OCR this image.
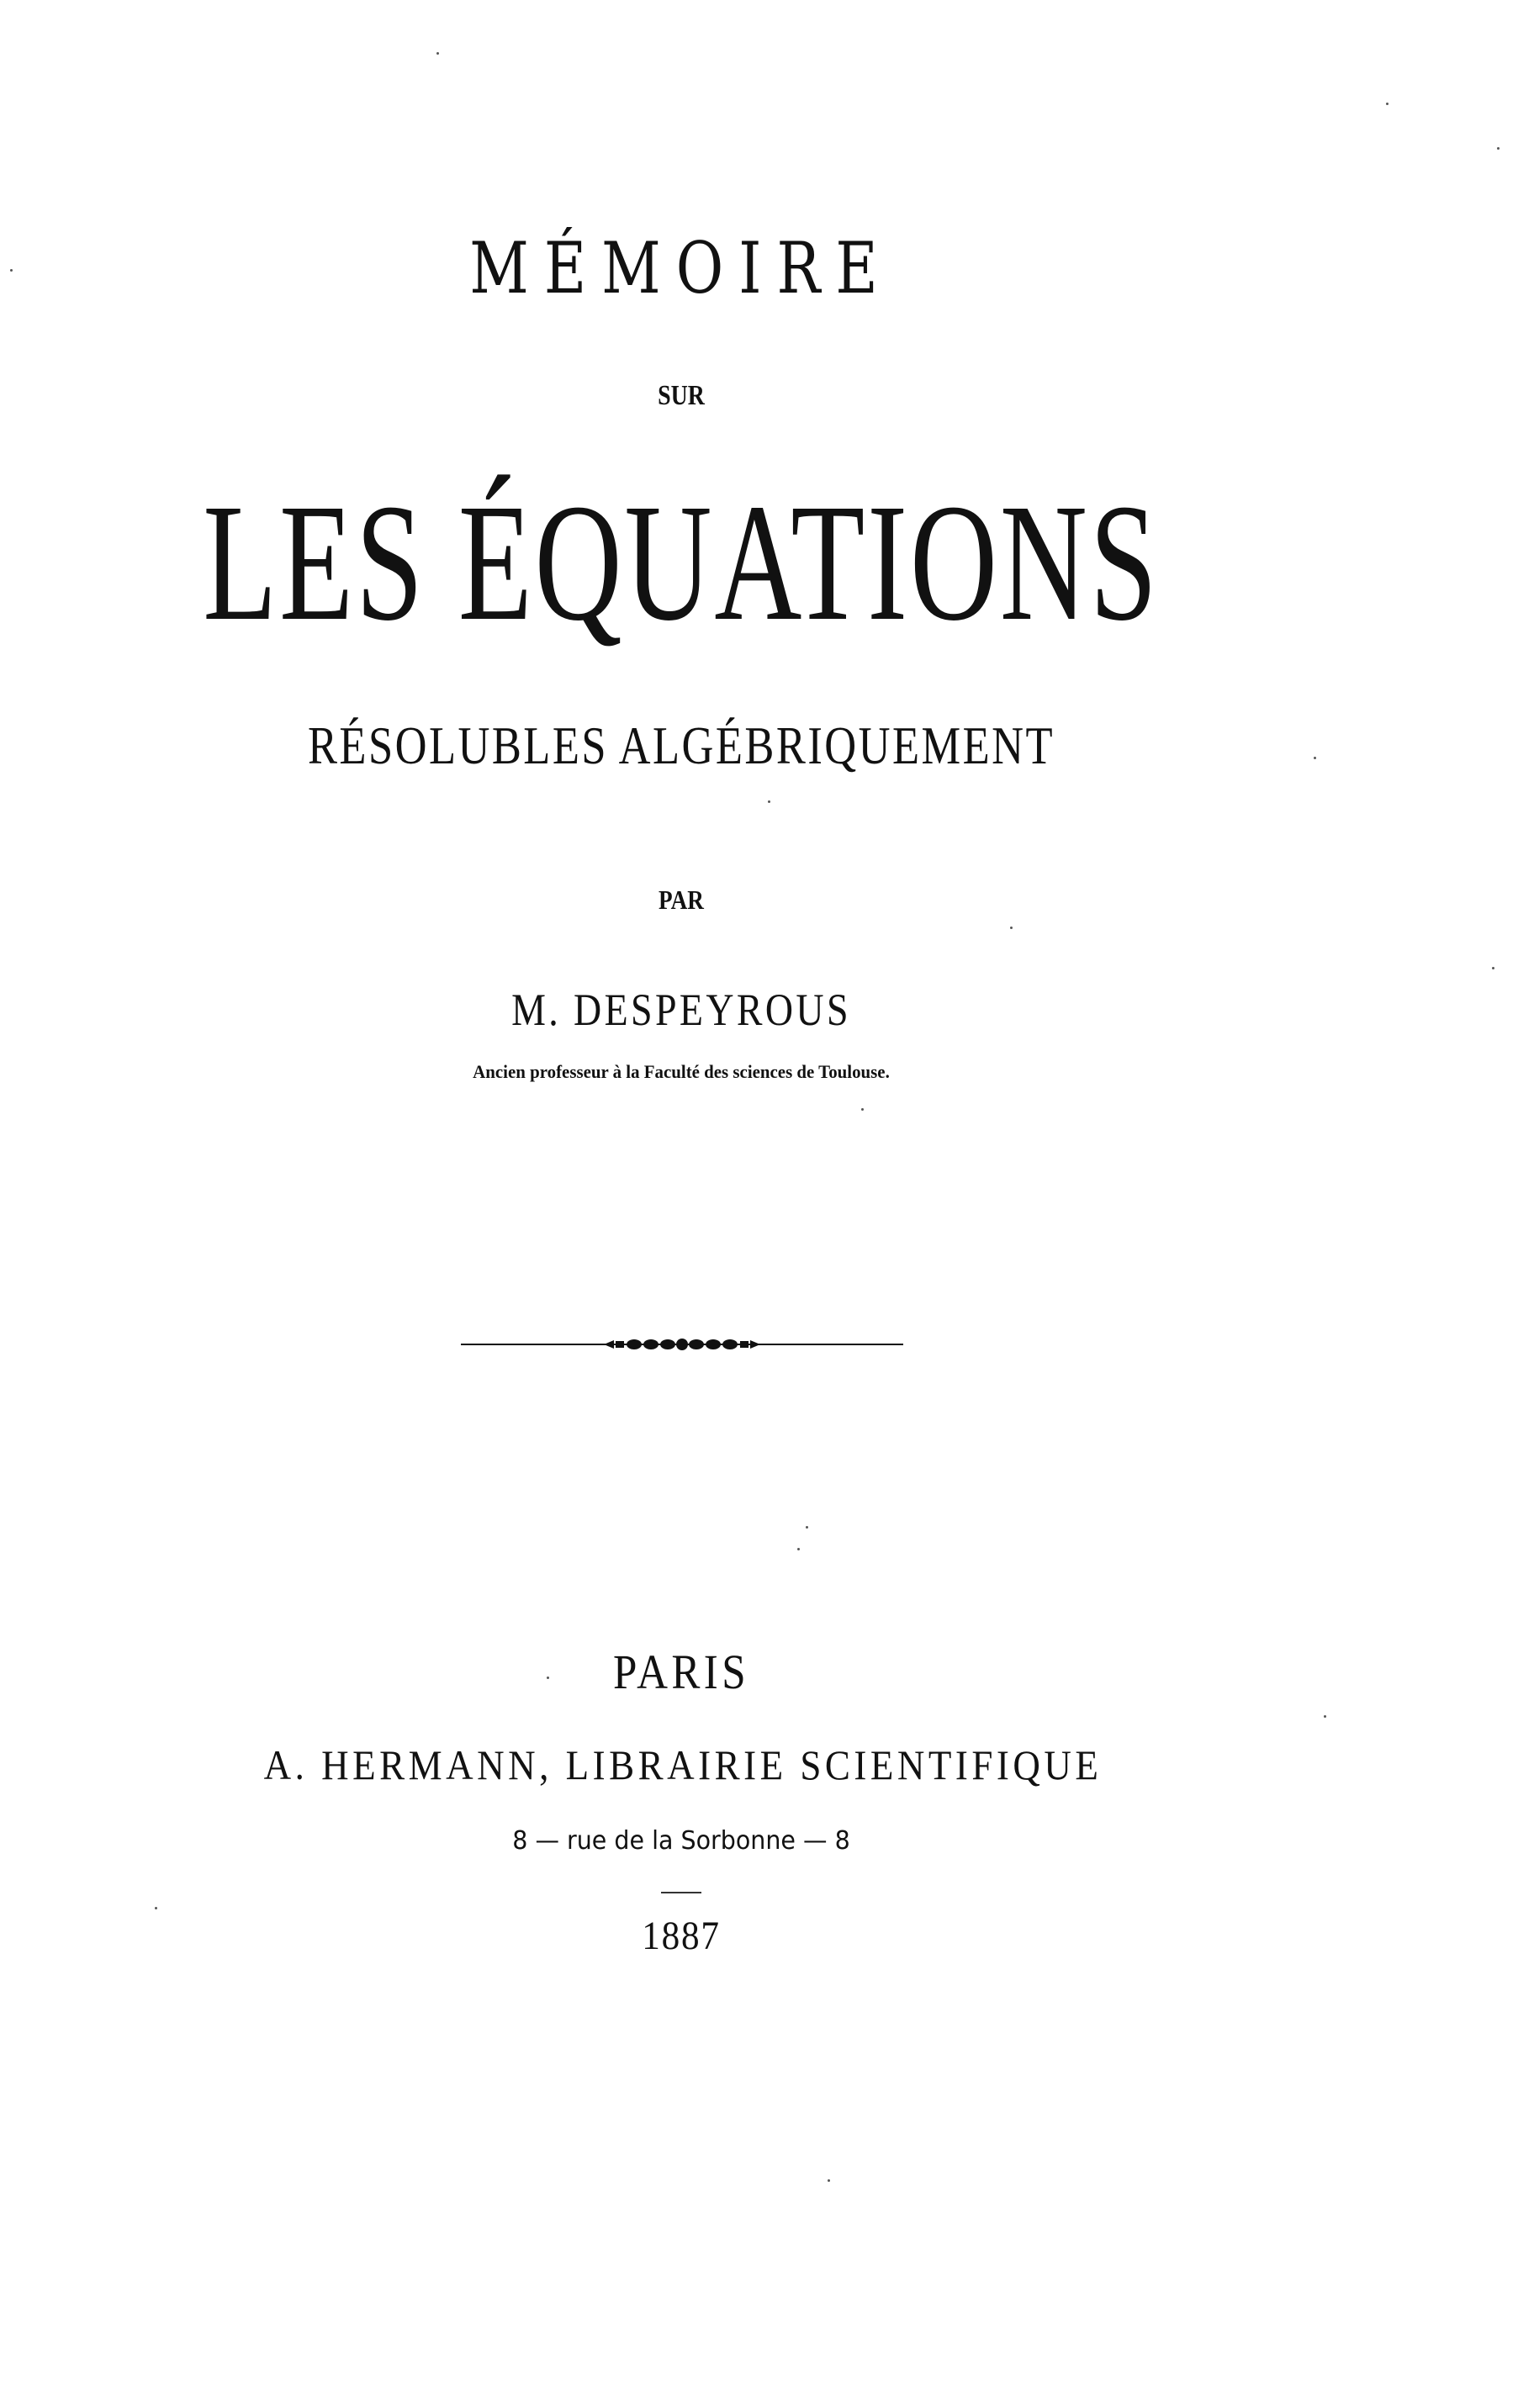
MÉMOIRE
SUR
LES ÉQUATIONS
RÉSOLUBLES ALGÉBRIQUEMENT
PAR
M. DESPEYROUS
Ancien professeur à la Faculté des sciences de Toulouse.
PARIS
A. HERMANN, LIBRAIRIE SCIENTIFIQUE
8 — rue de la Sorbonne — 8
1887
